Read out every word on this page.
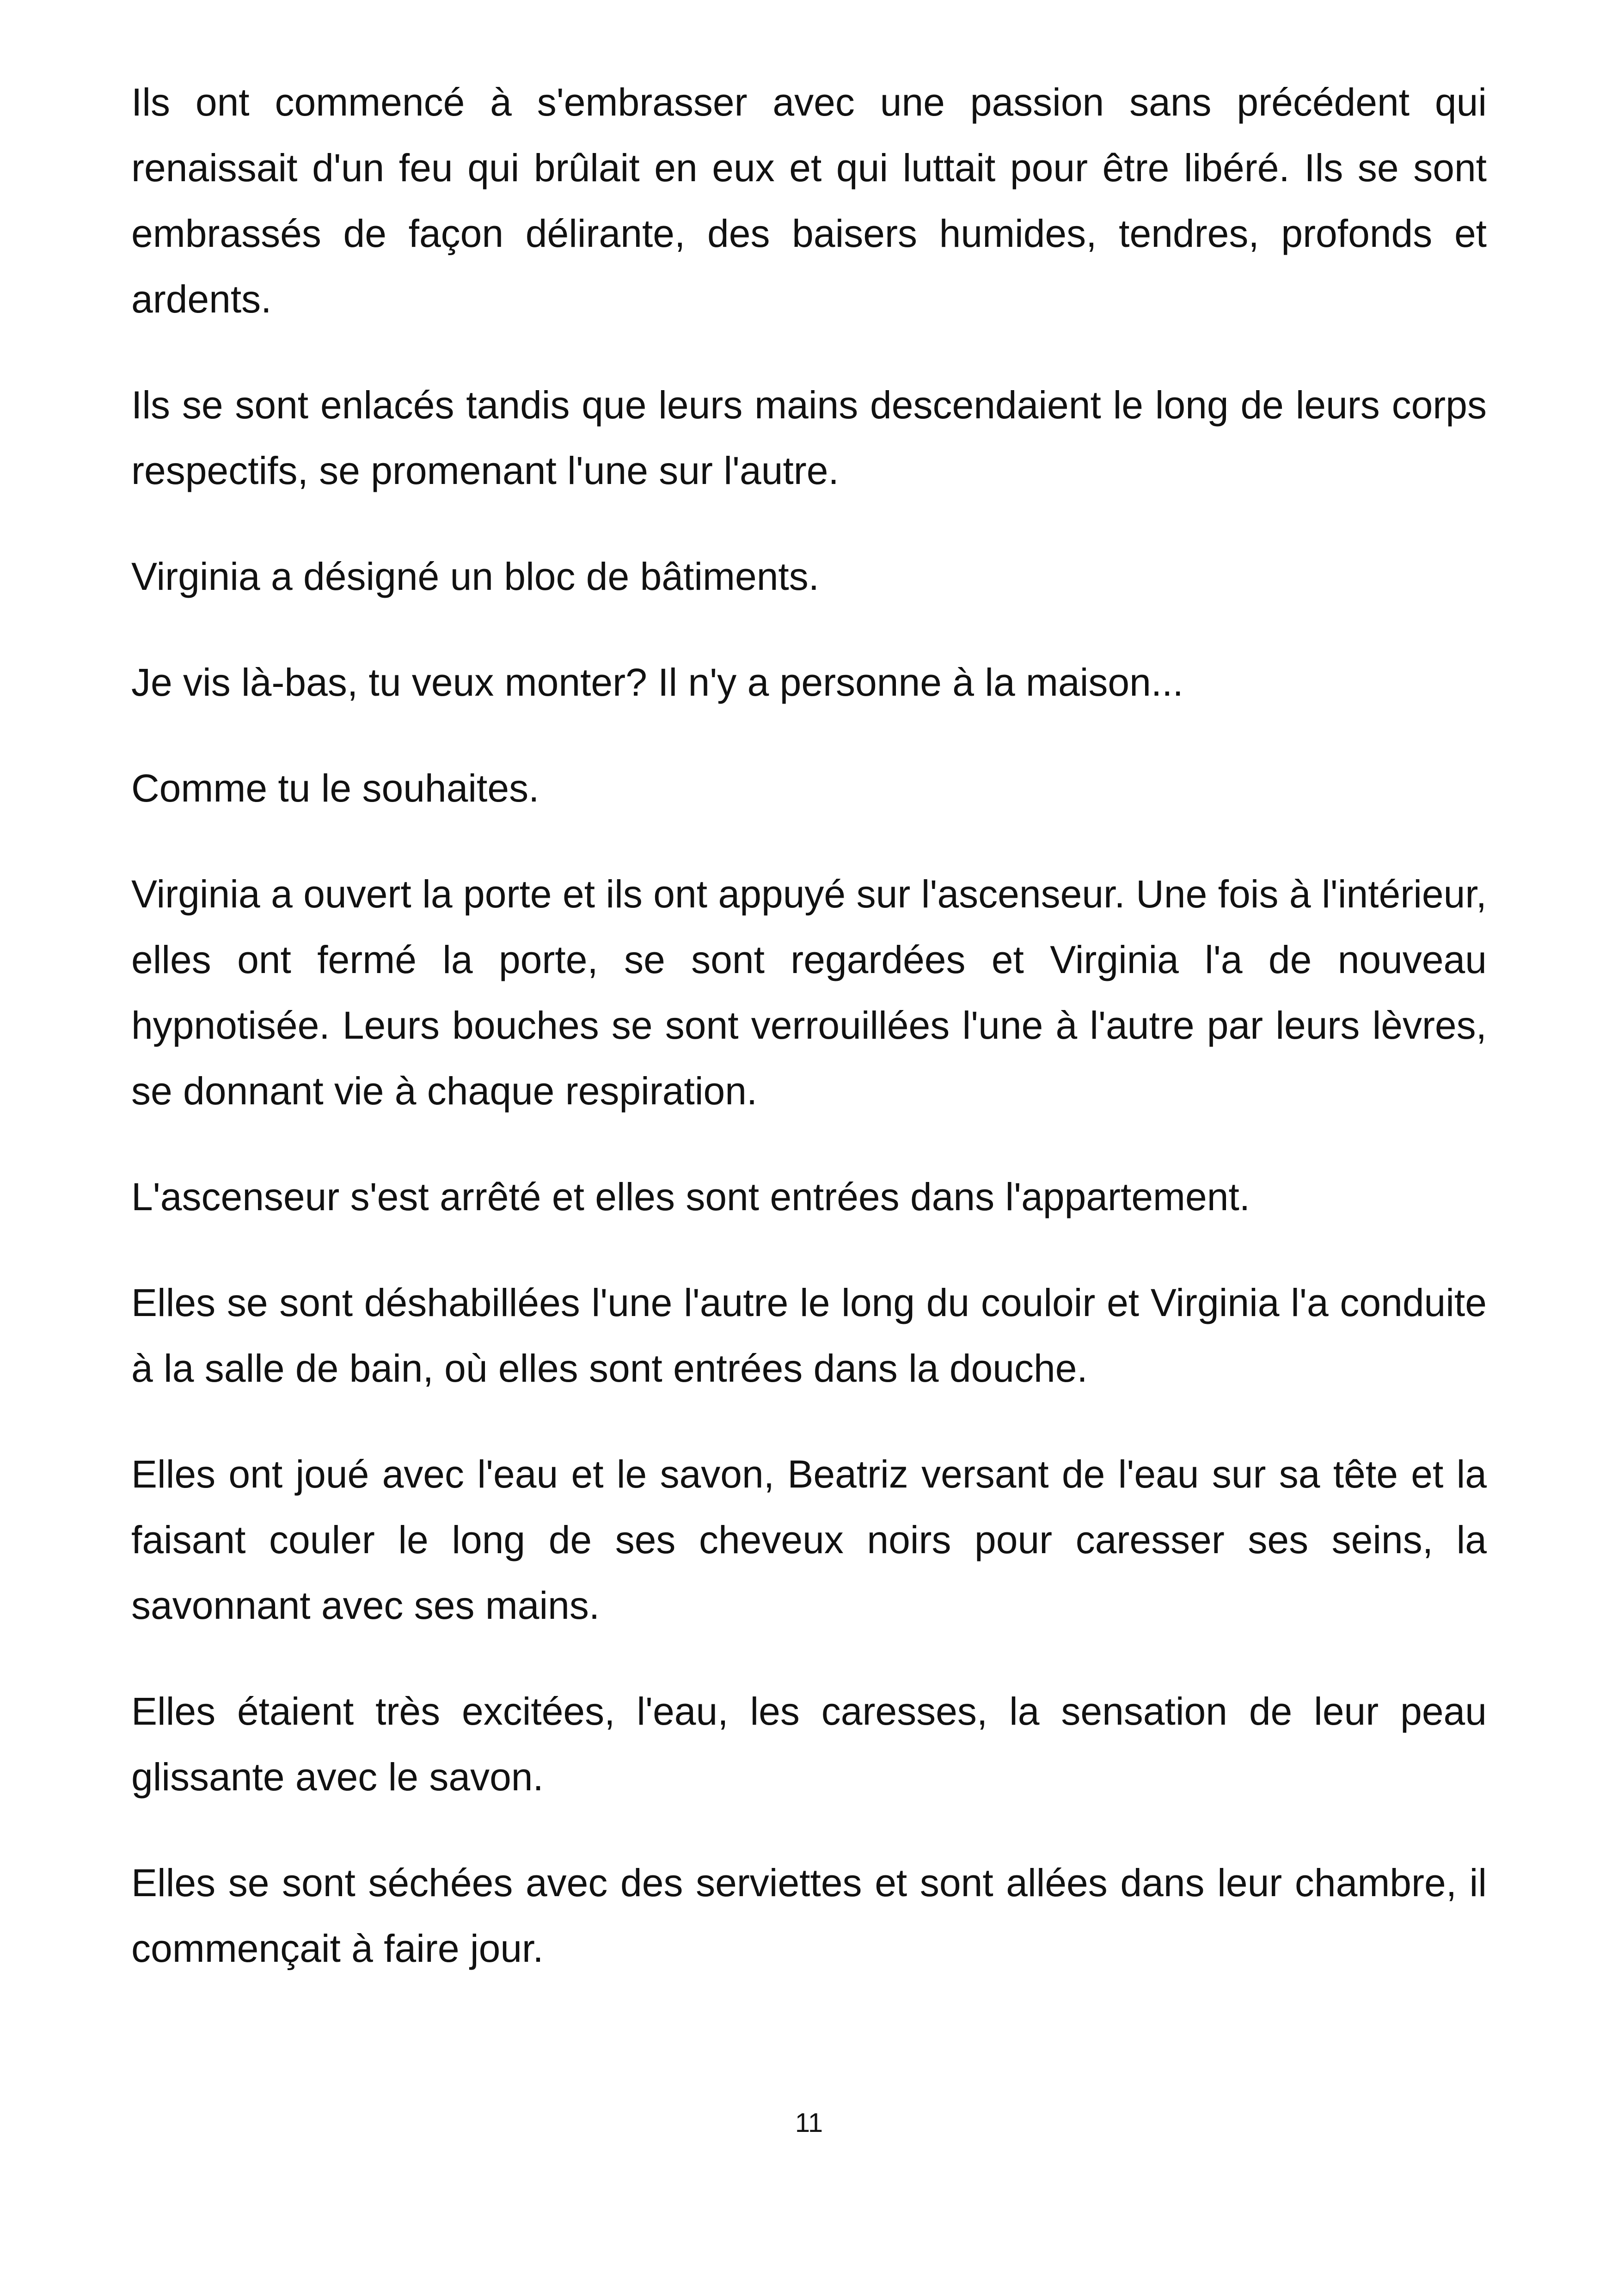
Ils ont commencé à s'embrasser avec une passion sans précédent qui renaissait d'un feu qui brûlait en eux et qui luttait pour être libéré. Ils se sont embrassés de façon délirante, des baisers humides, tendres, profonds et ardents.

Ils se sont enlacés tandis que leurs mains descendaient le long de leurs corps respectifs, se promenant l'une sur l'autre.

Virginia a désigné un bloc de bâtiments.

Je vis là-bas, tu veux monter? Il n'y a personne à la maison...

Comme tu le souhaites.

Virginia a ouvert la porte et ils ont appuyé sur l'ascenseur. Une fois à l'intérieur, elles ont fermé la porte, se sont regardées et Virginia l'a de nouveau hypnotisée. Leurs bouches se sont verrouillées l'une à l'autre par leurs lèvres, se donnant vie à chaque respiration.

L'ascenseur s'est arrêté et elles sont entrées dans l'appartement.

Elles se sont déshabillées l'une l'autre le long du couloir et Virginia l'a conduite à la salle de bain, où elles sont entrées dans la douche.

Elles ont joué avec l'eau et le savon, Beatriz versant de l'eau sur sa tête et la faisant couler le long de ses cheveux noirs pour caresser ses seins, la savonnant avec ses mains.

Elles étaient très excitées, l'eau, les caresses, la sensation de leur peau glissante avec le savon.

Elles se sont séchées avec des serviettes et sont allées dans leur chambre, il commençait à faire jour.

11
